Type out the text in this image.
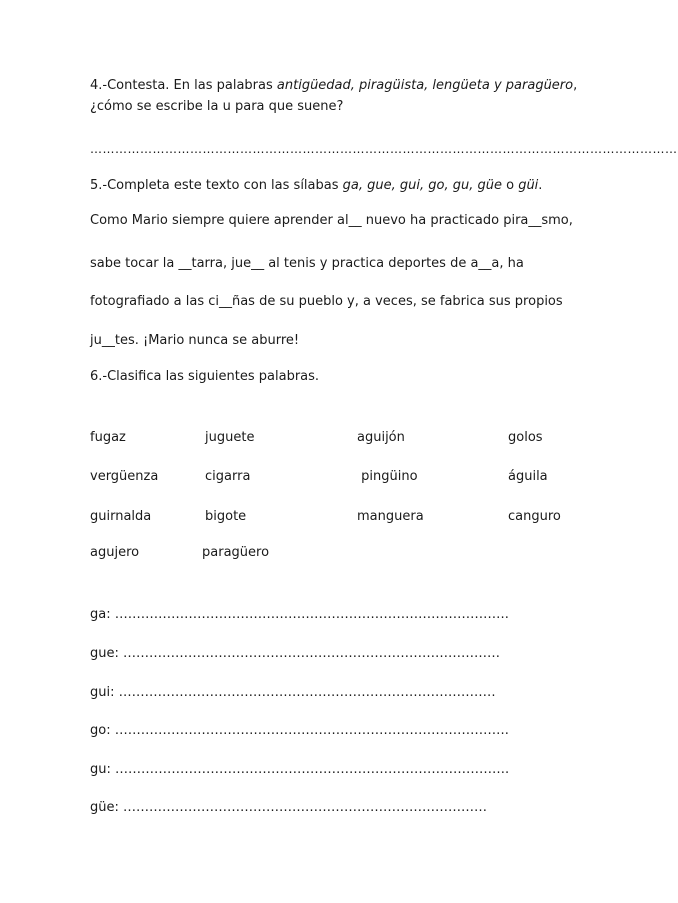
4.-Contesta. En las palabras antigüedad, piragüista, lengüeta y paragüero,
¿cómo se escribe la u para que suene?
……………………………………………………………………………………………………………………………
5.-Completa este texto con las sílabas ga, gue, gui, go, gu, güe o güi.
Como Mario siempre quiere aprender al__ nuevo ha practicado pira__smo,
sabe tocar la __tarra, jue__ al tenis y practica deportes de a__a, ha
fotografiado a las ci__ñas de su pueblo y, a veces, se fabrica sus propios
ju__tes. ¡Mario nunca se aburre!
6.-Clasifica las siguientes palabras.
fugaz	juguete	aguijón	golos
vergüenza	cigarra	pingüino	águila
guirnalda	bigote	manguera	canguro
agujero	paragüero
ga: ……………………………………………………………………………….
gue: ……………………………………………………………………………
gui: ……………………………………………………………………………
go: ……………………………………………………………………………….
gu: ……………………………………………………………………………….
güe: …………………………………………………………………………
